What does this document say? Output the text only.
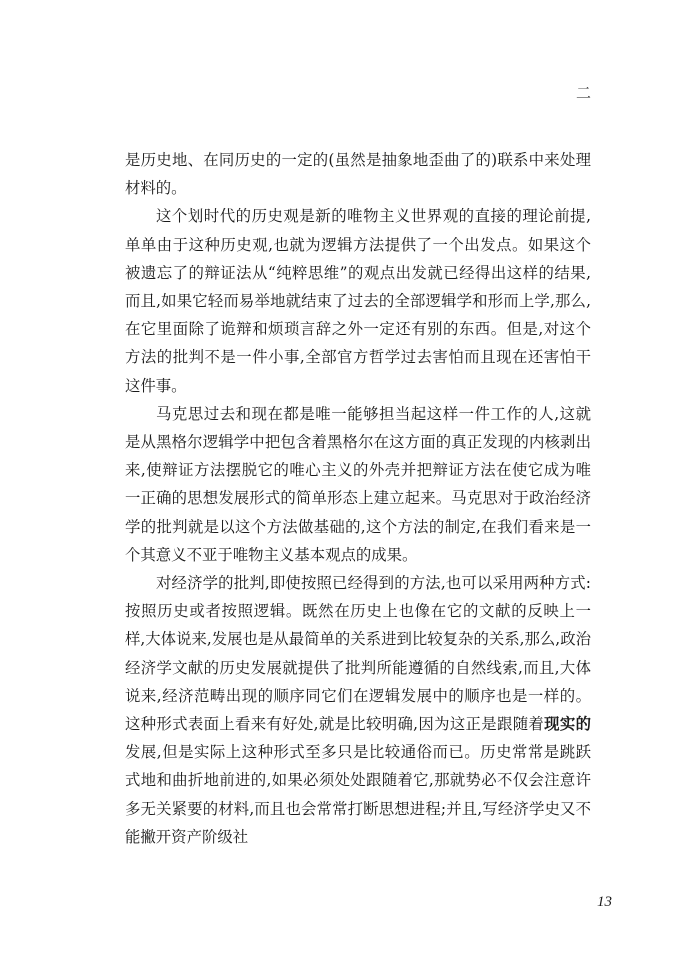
二

是历史地、在同历史的一定的(虽然是抽象地歪曲了的)联系中来处理材料的。

这个划时代的历史观是新的唯物主义世界观的直接的理论前提,单单由于这种历史观,也就为逻辑方法提供了一个出发点。如果这个被遗忘了的辩证法从“纯粹思维”的观点出发就已经得出这样的结果,而且,如果它轻而易举地就结束了过去的全部逻辑学和形而上学,那么,在它里面除了诡辩和烦琐言辞之外一定还有别的东西。但是,对这个方法的批判不是一件小事,全部官方哲学过去害怕而且现在还害怕干这件事。

马克思过去和现在都是唯一能够担当起这样一件工作的人,这就是从黑格尔逻辑学中把包含着黑格尔在这方面的真正发现的内核剥出来,使辩证方法摆脱它的唯心主义的外壳并把辩证方法在使它成为唯一正确的思想发展形式的简单形态上建立起来。马克思对于政治经济学的批判就是以这个方法做基础的,这个方法的制定,在我们看来是一个其意义不亚于唯物主义基本观点的成果。

对经济学的批判,即使按照已经得到的方法,也可以采用两种方式:按照历史或者按照逻辑。既然在历史上也像在它的文献的反映上一样,大体说来,发展也是从最简单的关系进到比较复杂的关系,那么,政治经济学文献的历史发展就提供了批判所能遵循的自然线索,而且,大体说来,经济范畴出现的顺序同它们在逻辑发展中的顺序也是一样的。这种形式表面上看来有好处,就是比较明确,因为这正是跟随着现实的发展,但是实际上这种形式至多只是比较通俗而已。历史常常是跳跃式地和曲折地前进的,如果必须处处跟随着它,那就势必不仅会注意许多无关紧要的材料,而且也会常常打断思想进程;并且,写经济学史又不能撇开资产阶级社

13
